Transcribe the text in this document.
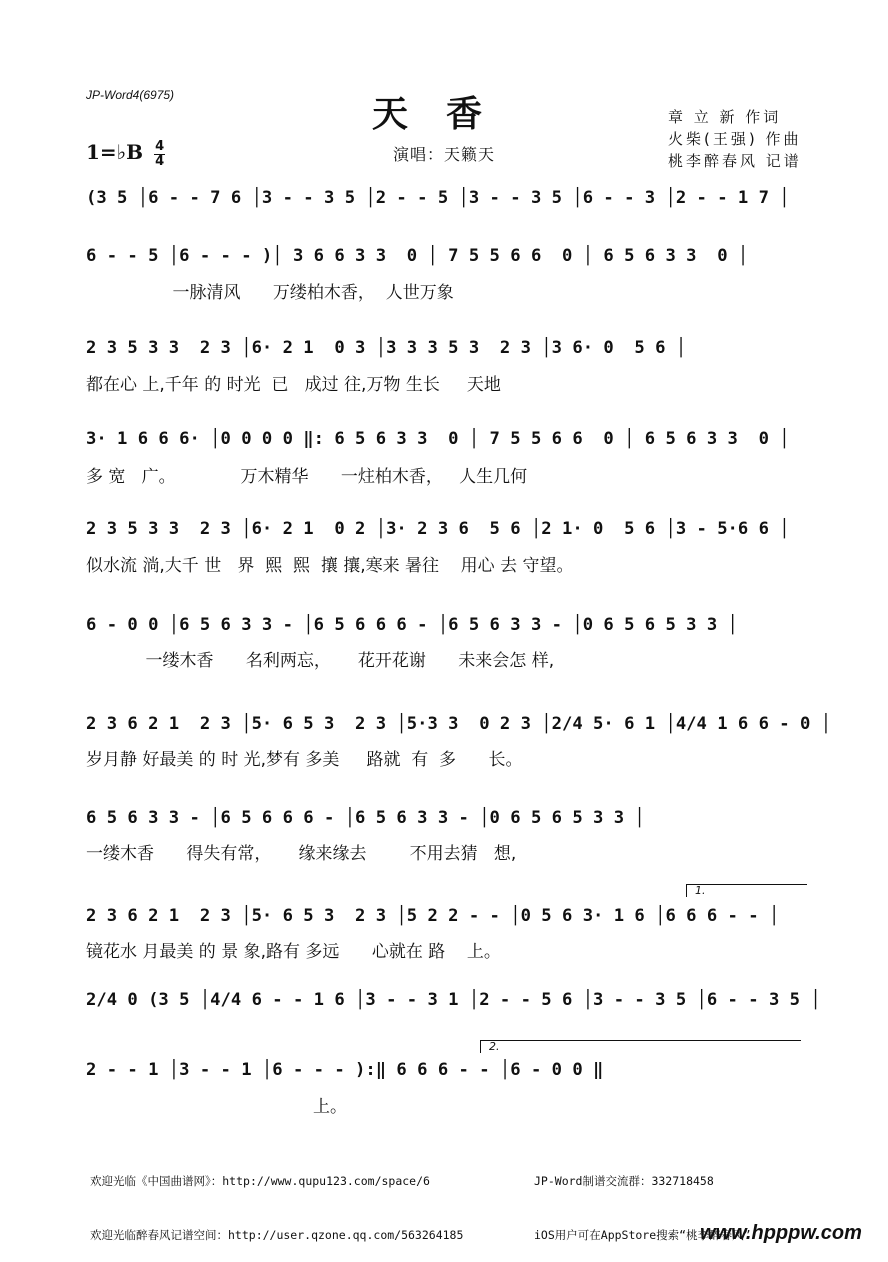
JP-Word4(6975)	天香
演唱：天籁天
1=♭B $\frac{4}{4}$
章 立 新 作词
火柴(王强) 作曲
桃李醉春风 记谱
(3 5 │6 - - 7 6 │3 - - 3 5 │2 - - 5 │3 - - 3 5 │6 - - 3 │2 - - 1 7 │
6 - - 5 │6 - - - )│ 3 6 6 3 3  0 │ 7 5 5 6 6  0 │ 6 5 6 3 3  0 │
一脉清风      万缕柏木香，  人世万象
2 3 5 3 3  2 3 │6· 2 1  0 3 │3 3 3 5 3  2 3 │3 6· 0  5 6 │
都在心 上,千年 的 时光  已   成过 往,万物 生长     天地
3· 1 6 6 6· │0 0 0 0 ‖: 6 5 6 3 3  0 │ 7 5 5 6 6  0 │ 6 5 6 3 3  0 │
多 宽   广。            万木精华      一炷柏木香，   人生几何
2 3 5 3 3  2 3 │6· 2 1  0 2 │3· 2 3 6  5 6 │2 1· 0  5 6 │3 - 5·6 6 │
似水流 淌,大千 世   界  熙  熙  攘 攘,寒来 暑往    用心 去 守望。
6 - 0 0 │6 5 6 3 3 - │6 5 6 6 6 - │6 5 6 3 3 - │0 6 5 6 5 3 3 │
一缕木香      名利两忘，     花开花谢      未来会怎 样,
2 3 6 2 1  2 3 │5· 6 5 3  2 3 │5·3 3  0 2 3 │2/4 5· 6 1 │4/4 1 6 6 - 0 │
岁月静 好最美 的 时 光,梦有 多美     路就  有  多      长。
6 5 6 3 3 - │6 5 6 6 6 - │6 5 6 3 3 - │0 6 5 6 5 3 3 │
一缕木香      得失有常，     缘来缘去        不用去猜   想,
1.
2 3 6 2 1  2 3 │5· 6 5 3  2 3 │5 2 2 - - │0 5 6 3· 1 6 │6 6 6 - - │
镜花水 月最美 的 景 象,路有 多远      心就在 路    上。
2/4 0 (3 5 │4/4 6 - - 1 6 │3 - - 3 1 │2 - - 5 6 │3 - - 3 5 │6 - - 3 5 │
2.
2 - - 1 │3 - - 1 │6 - - - ):‖ 6 6 6 - - │6 - 0 0 ‖
上。

欢迎光临《中国曲谱网》：http://www.qupu123.com/space/6

欢迎光临醉春风记谱空间：http://user.qzone.qq.com/563264185

JP-Word制谱交流群：332718458

iOS用户可在AppStore搜索“桃李醉春风”

www.hpppw.com
